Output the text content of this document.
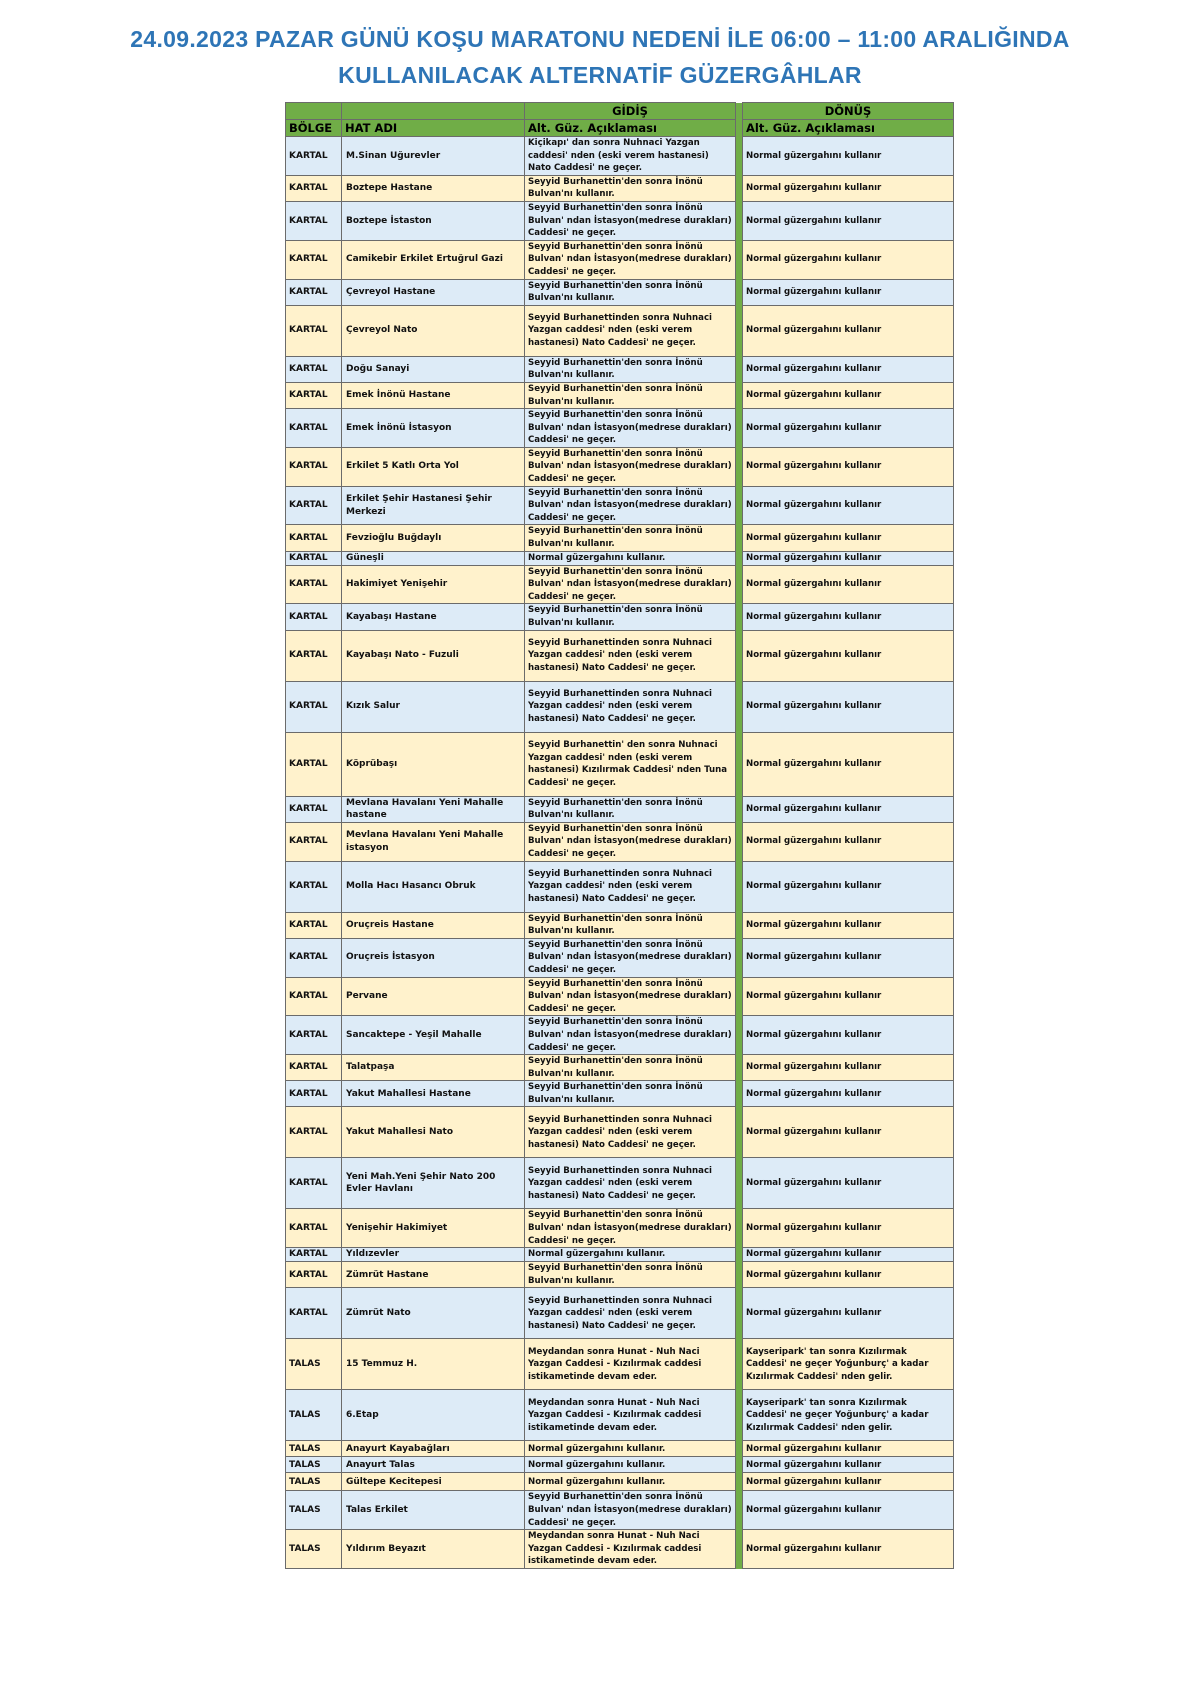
24.09.2023 PAZAR GÜNÜ KOŞU MARATONU NEDENİ İLE 06:00 – 11:00 ARALIĞINDA
KULLANILACAK ALTERNATİF GÜZERGÂHLAR
		GİDİŞ		DÖNÜŞ
BÖLGE	HAT ADI	Alt. Güz. Açıklaması		Alt. Güz. Açıklaması
KARTAL	M.Sinan Uğurevler	Kiçikapı' dan sonra Nuhnaci Yazgan caddesi' nden (eski verem hastanesi) Nato Caddesi' ne geçer.		Normal güzergahını kullanır
KARTAL	Boztepe Hastane	Seyyid Burhanettin'den sonra İnönü Bulvan'nı kullanır.		Normal güzergahını kullanır
KARTAL	Boztepe İstaston	Seyyid Burhanettin'den sonra İnönü Bulvan' ndan İstasyon(medrese durakları) Caddesi' ne geçer.		Normal güzergahını kullanır
KARTAL	Camikebir Erkilet Ertuğrul Gazi	Seyyid Burhanettin'den sonra İnönü Bulvan' ndan İstasyon(medrese durakları) Caddesi' ne geçer.		Normal güzergahını kullanır
KARTAL	Çevreyol Hastane	Seyyid Burhanettin'den sonra İnönü Bulvan'nı kullanır.		Normal güzergahını kullanır
KARTAL	Çevreyol Nato	Seyyid Burhanettinden sonra Nuhnaci Yazgan caddesi' nden (eski verem hastanesi) Nato Caddesi' ne geçer.		Normal güzergahını kullanır
KARTAL	Doğu Sanayi	Seyyid Burhanettin'den sonra İnönü Bulvan'nı kullanır.		Normal güzergahını kullanır
KARTAL	Emek İnönü Hastane	Seyyid Burhanettin'den sonra İnönü Bulvan'nı kullanır.		Normal güzergahını kullanır
KARTAL	Emek İnönü İstasyon	Seyyid Burhanettin'den sonra İnönü Bulvan' ndan İstasyon(medrese durakları) Caddesi' ne geçer.		Normal güzergahını kullanır
KARTAL	Erkilet 5 Katlı Orta Yol	Seyyid Burhanettin'den sonra İnönü Bulvan' ndan İstasyon(medrese durakları) Caddesi' ne geçer.		Normal güzergahını kullanır
KARTAL	Erkilet Şehir Hastanesi Şehir Merkezi	Seyyid Burhanettin'den sonra İnönü Bulvan' ndan İstasyon(medrese durakları) Caddesi' ne geçer.		Normal güzergahını kullanır
KARTAL	Fevzioğlu Buğdaylı	Seyyid Burhanettin'den sonra İnönü Bulvan'nı kullanır.		Normal güzergahını kullanır
KARTAL	Güneşli	Normal güzergahını kullanır.		Normal güzergahını kullanır
KARTAL	Hakimiyet Yenişehir	Seyyid Burhanettin'den sonra İnönü Bulvan' ndan İstasyon(medrese durakları) Caddesi' ne geçer.		Normal güzergahını kullanır
KARTAL	Kayabaşı Hastane	Seyyid Burhanettin'den sonra İnönü Bulvan'nı kullanır.		Normal güzergahını kullanır
KARTAL	Kayabaşı Nato - Fuzuli	Seyyid Burhanettinden sonra Nuhnaci Yazgan caddesi' nden (eski verem hastanesi) Nato Caddesi' ne geçer.		Normal güzergahını kullanır
KARTAL	Kızık Salur	Seyyid Burhanettinden sonra Nuhnaci Yazgan caddesi' nden (eski verem hastanesi) Nato Caddesi' ne geçer.		Normal güzergahını kullanır
KARTAL	Köprübaşı	Seyyid Burhanettin' den sonra Nuhnaci Yazgan caddesi' nden (eski verem hastanesi) Kızılırmak Caddesi' nden Tuna Caddesi' ne geçer.		Normal güzergahını kullanır
KARTAL	Mevlana Havalanı Yeni Mahalle hastane	Seyyid Burhanettin'den sonra İnönü Bulvan'nı kullanır.		Normal güzergahını kullanır
KARTAL	Mevlana Havalanı Yeni Mahalle istasyon	Seyyid Burhanettin'den sonra İnönü Bulvan' ndan İstasyon(medrese durakları) Caddesi' ne geçer.		Normal güzergahını kullanır
KARTAL	Molla Hacı Hasancı Obruk	Seyyid Burhanettinden sonra Nuhnaci Yazgan caddesi' nden (eski verem hastanesi) Nato Caddesi' ne geçer.		Normal güzergahını kullanır
KARTAL	Oruçreis Hastane	Seyyid Burhanettin'den sonra İnönü Bulvan'nı kullanır.		Normal güzergahını kullanır
KARTAL	Oruçreis İstasyon	Seyyid Burhanettin'den sonra İnönü Bulvan' ndan İstasyon(medrese durakları) Caddesi' ne geçer.		Normal güzergahını kullanır
KARTAL	Pervane	Seyyid Burhanettin'den sonra İnönü Bulvan' ndan İstasyon(medrese durakları) Caddesi' ne geçer.		Normal güzergahını kullanır
KARTAL	Sancaktepe - Yeşil Mahalle	Seyyid Burhanettin'den sonra İnönü Bulvan' ndan İstasyon(medrese durakları) Caddesi' ne geçer.		Normal güzergahını kullanır
KARTAL	Talatpaşa	Seyyid Burhanettin'den sonra İnönü Bulvan'nı kullanır.		Normal güzergahını kullanır
KARTAL	Yakut Mahallesi Hastane	Seyyid Burhanettin'den sonra İnönü Bulvan'nı kullanır.		Normal güzergahını kullanır
KARTAL	Yakut Mahallesi Nato	Seyyid Burhanettinden sonra Nuhnaci Yazgan caddesi' nden (eski verem hastanesi) Nato Caddesi' ne geçer.		Normal güzergahını kullanır
KARTAL	Yeni Mah.Yeni Şehir Nato 200 Evler Havlanı	Seyyid Burhanettinden sonra Nuhnaci Yazgan caddesi' nden (eski verem hastanesi) Nato Caddesi' ne geçer.		Normal güzergahını kullanır
KARTAL	Yenişehir Hakimiyet	Seyyid Burhanettin'den sonra İnönü Bulvan' ndan İstasyon(medrese durakları) Caddesi' ne geçer.		Normal güzergahını kullanır
KARTAL	Yıldızevler	Normal güzergahını kullanır.		Normal güzergahını kullanır
KARTAL	Zümrüt Hastane	Seyyid Burhanettin'den sonra İnönü Bulvan'nı kullanır.		Normal güzergahını kullanır
KARTAL	Zümrüt Nato	Seyyid Burhanettinden sonra Nuhnaci Yazgan caddesi' nden (eski verem hastanesi) Nato Caddesi' ne geçer.		Normal güzergahını kullanır
TALAS	15 Temmuz H.	Meydandan sonra Hunat - Nuh Naci Yazgan Caddesi - Kızılırmak caddesi istikametinde devam eder.		Kayseripark' tan sonra Kızılırmak Caddesi' ne geçer Yoğunburç' a kadar Kızılırmak Caddesi' nden gelir.
TALAS	6.Etap	Meydandan sonra Hunat - Nuh Naci Yazgan Caddesi - Kızılırmak caddesi istikametinde devam eder.		Kayseripark' tan sonra Kızılırmak Caddesi' ne geçer Yoğunburç' a kadar Kızılırmak Caddesi' nden gelir.
TALAS	Anayurt Kayabağları	Normal güzergahını kullanır.		Normal güzergahını kullanır
TALAS	Anayurt Talas	Normal güzergahını kullanır.		Normal güzergahını kullanır
TALAS	Gültepe Kecitepesi	Normal güzergahını kullanır.		Normal güzergahını kullanır
TALAS	Talas Erkilet	Seyyid Burhanettin'den sonra İnönü Bulvan' ndan İstasyon(medrese durakları) Caddesi' ne geçer.		Normal güzergahını kullanır
TALAS	Yıldırım Beyazıt	Meydandan sonra Hunat - Nuh Naci Yazgan Caddesi - Kızılırmak caddesi istikametinde devam eder.		Normal güzergahını kullanır
